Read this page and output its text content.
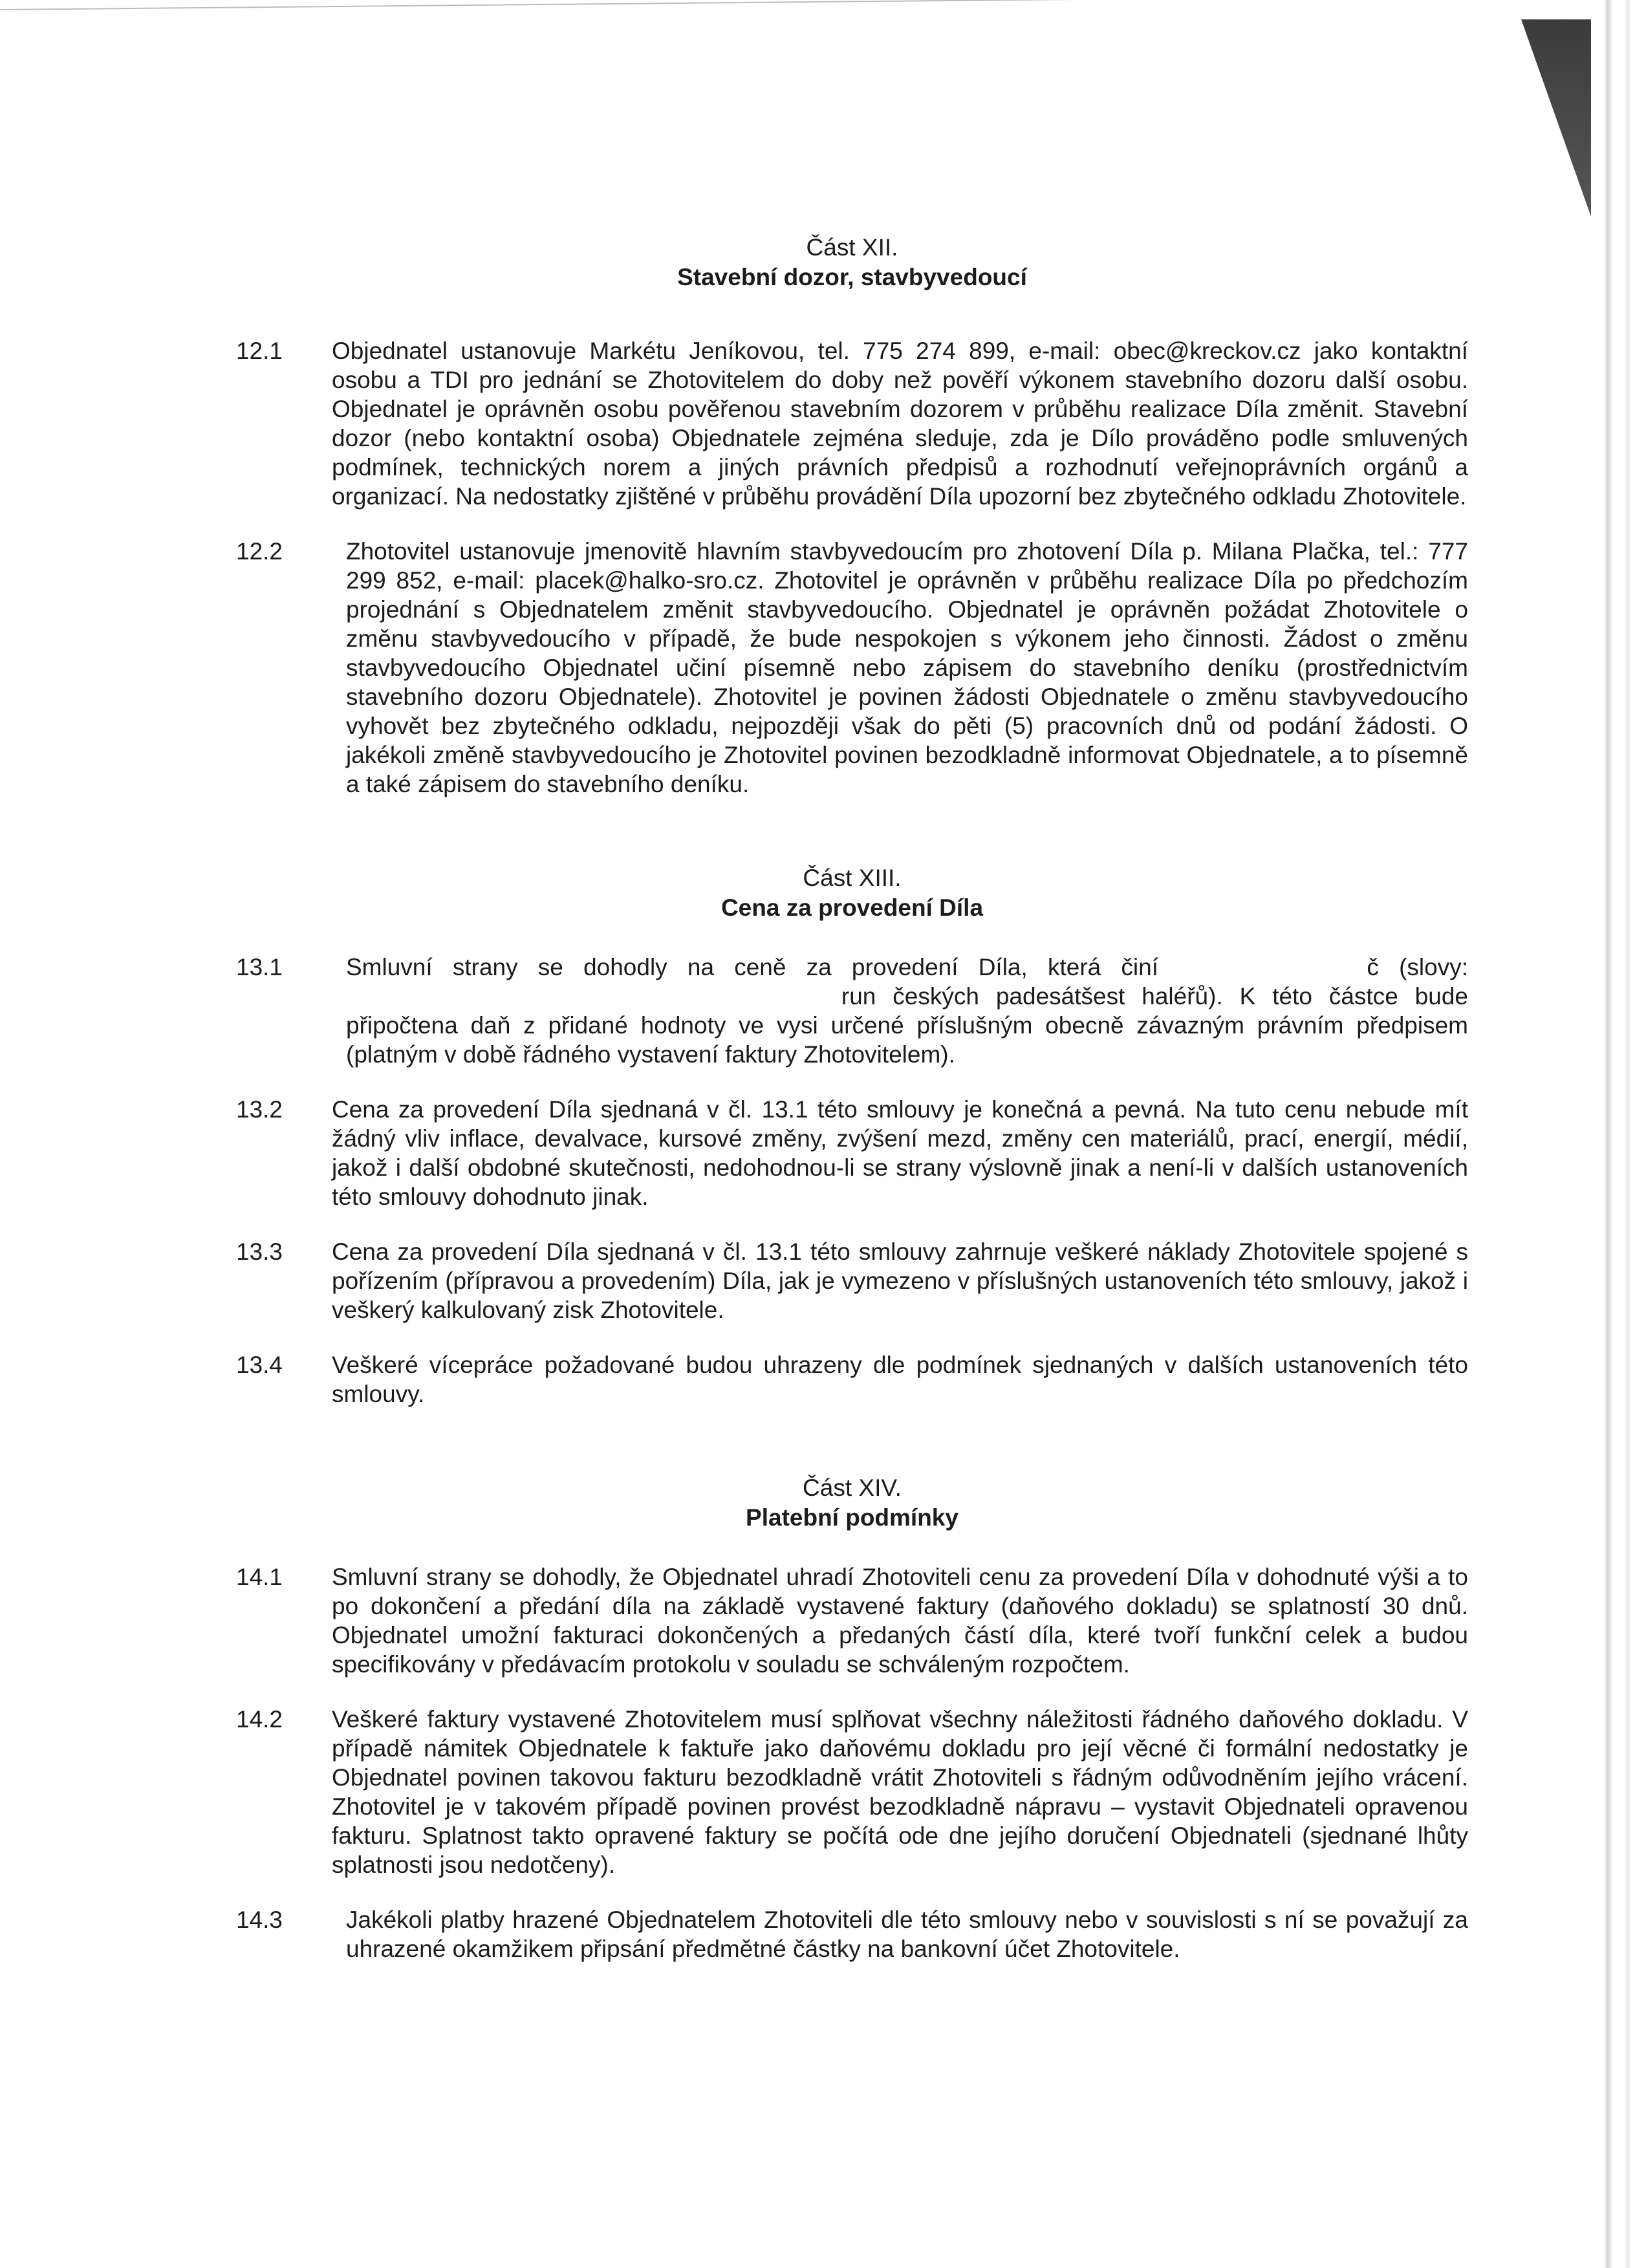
Část XII.
Stavební dozor, stavbyvedoucí
12.1 Objednatel ustanovuje Markétu Jeníkovou, tel. 775 274 899, e-mail: obec@kreckov.cz jako kontaktní osobu a TDI pro jednání se Zhotovitelem do doby než pověří výkonem stavebního dozoru další osobu. Objednatel je oprávněn osobu pověřenou stavebním dozorem v průběhu realizace Díla změnit. Stavební dozor (nebo kontaktní osoba) Objednatele zejména sleduje, zda je Dílo prováděno podle smluvených podmínek, technických norem a jiných právních předpisů a rozhodnutí veřejnoprávních orgánů a organizací. Na nedostatky zjištěné v průběhu provádění Díla upozorní bez zbytečného odkladu Zhotovitele.

12.2	Zhotovitel ustanovuje jmenovitě hlavním stavbyvedoucím pro zhotovení Díla p. Milana Plačka, tel.: 777 299 852, e-mail: placek@halko-sro.cz. Zhotovitel je oprávněn v průběhu realizace Díla po předchozím projednání s Objednatelem změnit stavbyvedoucího. Objednatel je oprávněn požádat Zhotovitele o změnu stavbyvedoucího v případě, že bude nespokojen s výkonem jeho činnosti. Žádost o změnu stavbyvedoucího Objednatel učiní písemně nebo zápisem do stavebního deníku (prostřednictvím stavebního dozoru Objednatele). Zhotovitel je povinen žádosti Objednatele o změnu stavbyvedoucího vyhovět bez zbytečného odkladu, nejpozději však do pěti (5) pracovních dnů od podání žádosti. O jakékoli změně stavbyvedoucího je Zhotovitel povinen bezodkladně informovat Objednatele, a to písemně a také zápisem do stavebního deníku.

Část XIII.
Cena za provedení Díla
13.1	Smluvní strany se dohodly na ceně za provedení Díla, která činí	č (slovy:  run českých padesátšest haléřů). K této částce bude připočtena daň z přidané hodnoty ve vysi určené příslušným obecně závazným právním předpisem (platným v době řádného vystavení faktury Zhotovitelem).

13.2 Cena za provedení Díla sjednaná v čl. 13.1 této smlouvy je konečná a pevná. Na tuto cenu nebude mít žádný vliv inflace, devalvace, kursové změny, zvýšení mezd, změny cen materiálů, prací, energií, médií, jakož i další obdobné skutečnosti, nedohodnou-li se strany výslovně jinak a není-li v dalších ustanoveních této smlouvy dohodnuto jinak.

13.3 Cena za provedení Díla sjednaná v čl. 13.1 této smlouvy zahrnuje veškeré náklady Zhotovitele spojené s pořízením (přípravou a provedením) Díla, jak je vymezeno v příslušných ustanoveních této smlouvy, jakož i veškerý kalkulovaný zisk Zhotovitele.

13.4 Veškeré vícepráce požadované budou uhrazeny dle podmínek sjednaných v dalších ustanoveních této smlouvy.

Část XIV.
Platební podmínky
14.1 Smluvní strany se dohodly, že Objednatel uhradí Zhotoviteli cenu za provedení Díla v dohodnuté výši a to po dokončení a předání díla na základě vystavené faktury (daňového dokladu) se splatností 30 dnů. Objednatel umožní fakturaci dokončených a předaných částí díla, které tvoří funkční celek a budou specifikovány v předávacím protokolu v souladu se schváleným rozpočtem.

14.2 Veškeré faktury vystavené Zhotovitelem musí splňovat všechny náležitosti řádného daňového dokladu. V případě námitek Objednatele k faktuře jako daňovému dokladu pro její věcné či formální nedostatky je Objednatel povinen takovou fakturu bezodkladně vrátit Zhotoviteli s řádným odůvodněním jejího vrácení. Zhotovitel je v takovém případě povinen provést bezodkladně nápravu – vystavit Objednateli opravenou fakturu. Splatnost takto opravené faktury se počítá ode dne jejího doručení Objednateli (sjednané lhůty splatnosti jsou nedotčeny).

14.3	Jakékoli platby hrazené Objednatelem Zhotoviteli dle této smlouvy nebo v souvislosti s ní se považují za uhrazené okamžikem připsání předmětné částky na bankovní účet Zhotovitele.
